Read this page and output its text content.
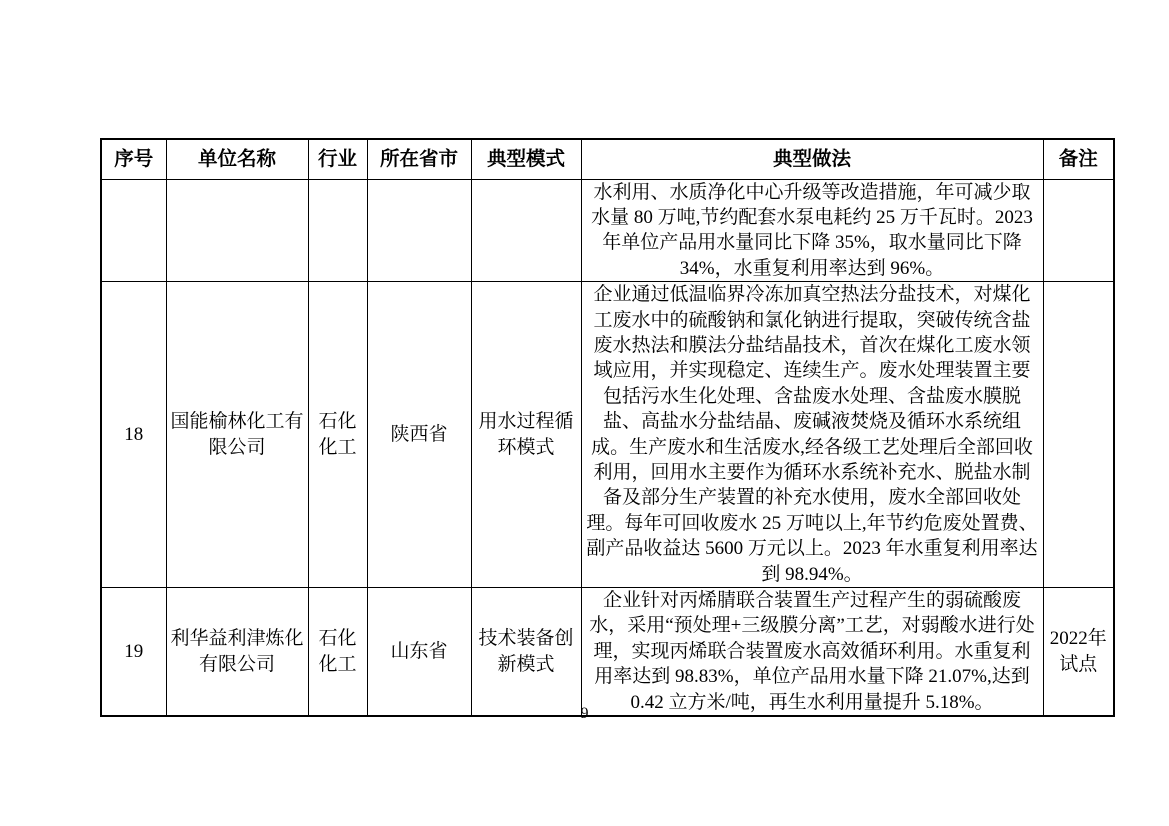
序号	单位名称	行业	所在省市	典型模式	典型做法	备注
					水利用、水质净化中心升级等改造措施，年可减少取水量 80 万吨,节约配套水泵电耗约 25 万千瓦时。2023 年单位产品用水量同比下降 35%，取水量同比下降 34%，水重复利用率达到 96%。	
18	国能榆林化工有限公司	石化化工	陕西省	用水过程循环模式	企业通过低温临界冷冻加真空热法分盐技术，对煤化工废水中的硫酸钠和氯化钠进行提取，突破传统含盐废水热法和膜法分盐结晶技术，首次在煤化工废水领域应用，并实现稳定、连续生产。废水处理装置主要包括污水生化处理、含盐废水处理、含盐废水膜脱盐、高盐水分盐结晶、废碱液焚烧及循环水系统组成。生产废水和生活废水,经各级工艺处理后全部回收利用，回用水主要作为循环水系统补充水、脱盐水制备及部分生产装置的补充水使用，废水全部回收处理。每年可回收废水 25 万吨以上,年节约危废处置费、副产品收益达 5600 万元以上。2023 年水重复利用率达到 98.94%。	
19	利华益利津炼化有限公司	石化化工	山东省	技术装备创新模式	企业针对丙烯腈联合装置生产过程产生的弱硫酸废水，采用“预处理+三级膜分离”工艺，对弱酸水进行处理，实现丙烯联合装置废水高效循环利用。水重复利用率达到 98.83%，单位产品用水量下降 21.07%,达到 0.42 立方米/吨，再生水利用量提升 5.18%。	2022年试点
9
